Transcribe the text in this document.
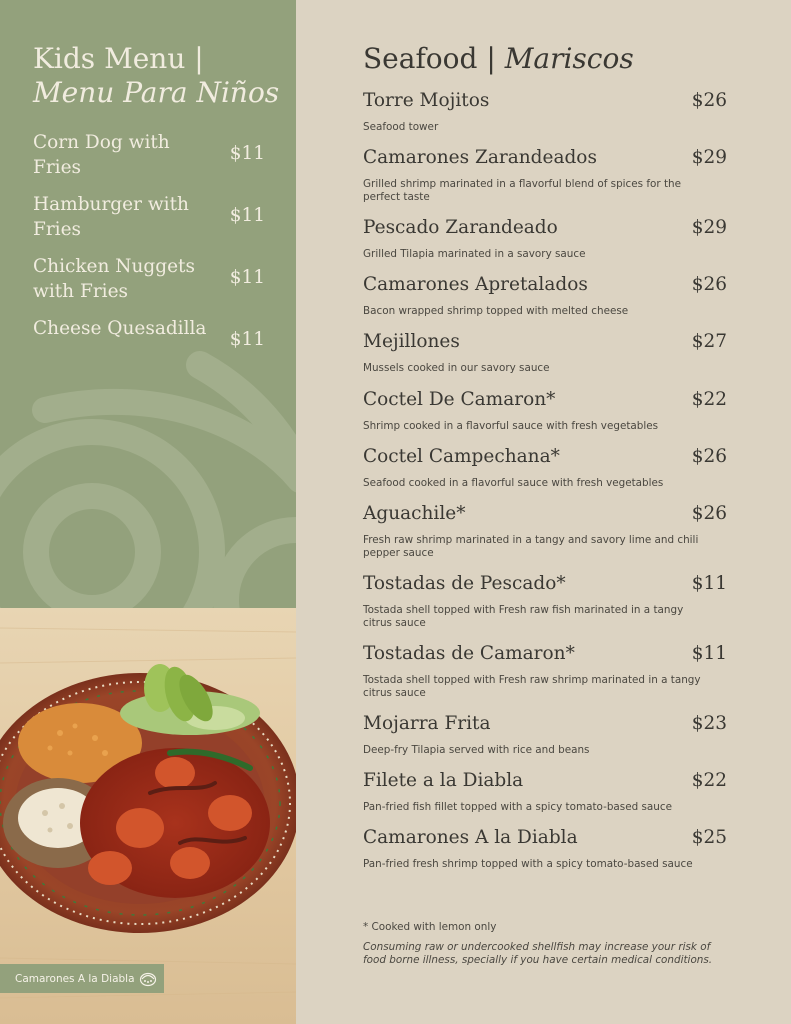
Kids Menu |
Menu Para Niños
Corn Dog with Fries
$11
Hamburger with Fries
$11
Chicken Nuggets with Fries
$11
Cheese Quesadilla
$11
Camarones A la Diabla
Seafood | Mariscos
Torre Mojitos	$26
Seafood tower
Camarones Zarandeados	$29
Grilled shrimp marinated in a flavorful blend of spices for the perfect taste
Pescado Zarandeado	$29
Grilled Tilapia marinated in a savory sauce
Camarones Apretalados	$26
Bacon wrapped shrimp topped with melted cheese
Mejillones	$27
Mussels cooked in our savory sauce
Coctel De Camaron*	$22
Shrimp cooked in a flavorful sauce with fresh vegetables
Coctel Campechana*	$26
Seafood cooked in a flavorful sauce with fresh vegetables
Aguachile*	$26
Fresh raw shrimp marinated in a tangy and savory lime and chili pepper sauce
Tostadas de Pescado*	$11
Tostada shell topped with Fresh raw fish marinated in a tangy citrus sauce
Tostadas de Camaron*	$11
Tostada shell topped with Fresh raw shrimp marinated in a tangy citrus sauce
Mojarra Frita	$23
Deep-fry Tilapia served with rice and beans
Filete a la Diabla	$22
Pan-fried fish fillet topped with a spicy tomato-based sauce
Camarones A la Diabla	$25
Pan-fried fresh shrimp topped with a spicy tomato-based sauce
* Cooked with lemon only
Consuming raw or undercooked shellfish may increase your risk of food borne illness, specially if you have certain medical conditions.
